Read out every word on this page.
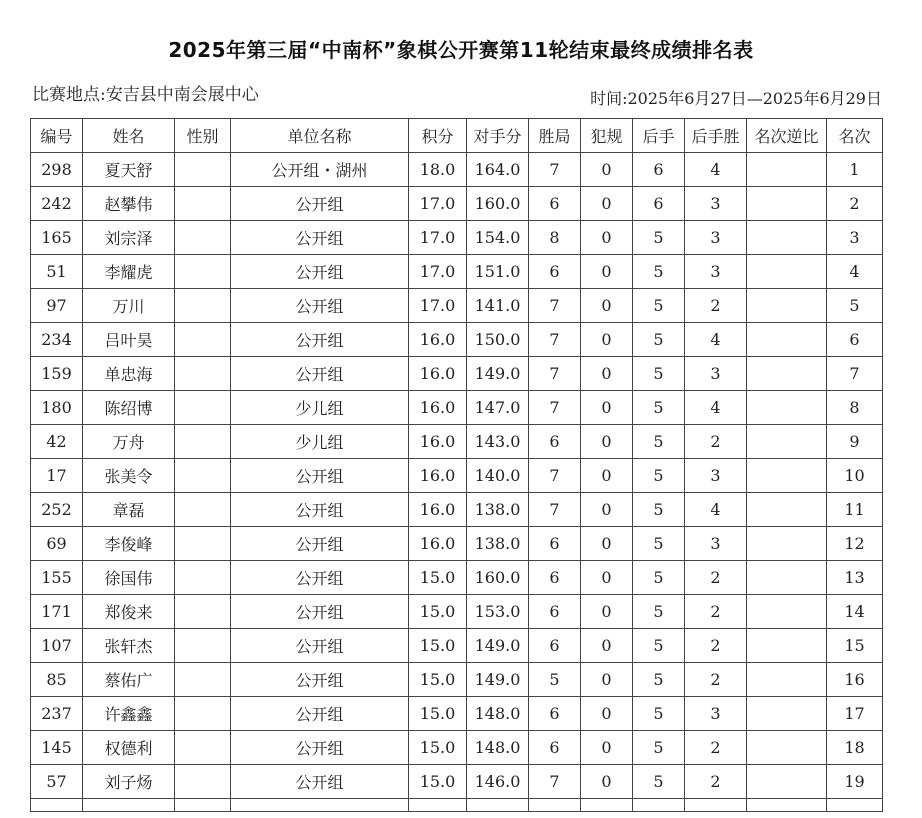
2025年第三届“中南杯”象棋公开赛第11轮结束最终成绩排名表
比赛地点:安吉县中南会展中心	时间:2025年6月27日—2025年6月29日
编号	姓名	性别	单位名称	积分	对手分	胜局	犯规	后手	后手胜	名次逆比	名次
298	夏天舒		公开组・湖州	18.0	164.0	7	0	6	4		1
242	赵攀伟		公开组	17.0	160.0	6	0	6	3		2
165	刘宗泽		公开组	17.0	154.0	8	0	5	3		3
51	李耀虎		公开组	17.0	151.0	6	0	5	3		4
97	万川		公开组	17.0	141.0	7	0	5	2		5
234	吕叶昊		公开组	16.0	150.0	7	0	5	4		6
159	单忠海		公开组	16.0	149.0	7	0	5	3		7
180	陈绍博		少儿组	16.0	147.0	7	0	5	4		8
42	万舟		少儿组	16.0	143.0	6	0	5	2		9
17	张美令		公开组	16.0	140.0	7	0	5	3		10
252	章磊		公开组	16.0	138.0	7	0	5	4		11
69	李俊峰		公开组	16.0	138.0	6	0	5	3		12
155	徐国伟		公开组	15.0	160.0	6	0	5	2		13
171	郑俊来		公开组	15.0	153.0	6	0	5	2		14
107	张轩杰		公开组	15.0	149.0	6	0	5	2		15
85	蔡佑广		公开组	15.0	149.0	5	0	5	2		16
237	许鑫鑫		公开组	15.0	148.0	6	0	5	3		17
145	权德利		公开组	15.0	148.0	6	0	5	2		18
57	刘子炀		公开组	15.0	146.0	7	0	5	2		19
